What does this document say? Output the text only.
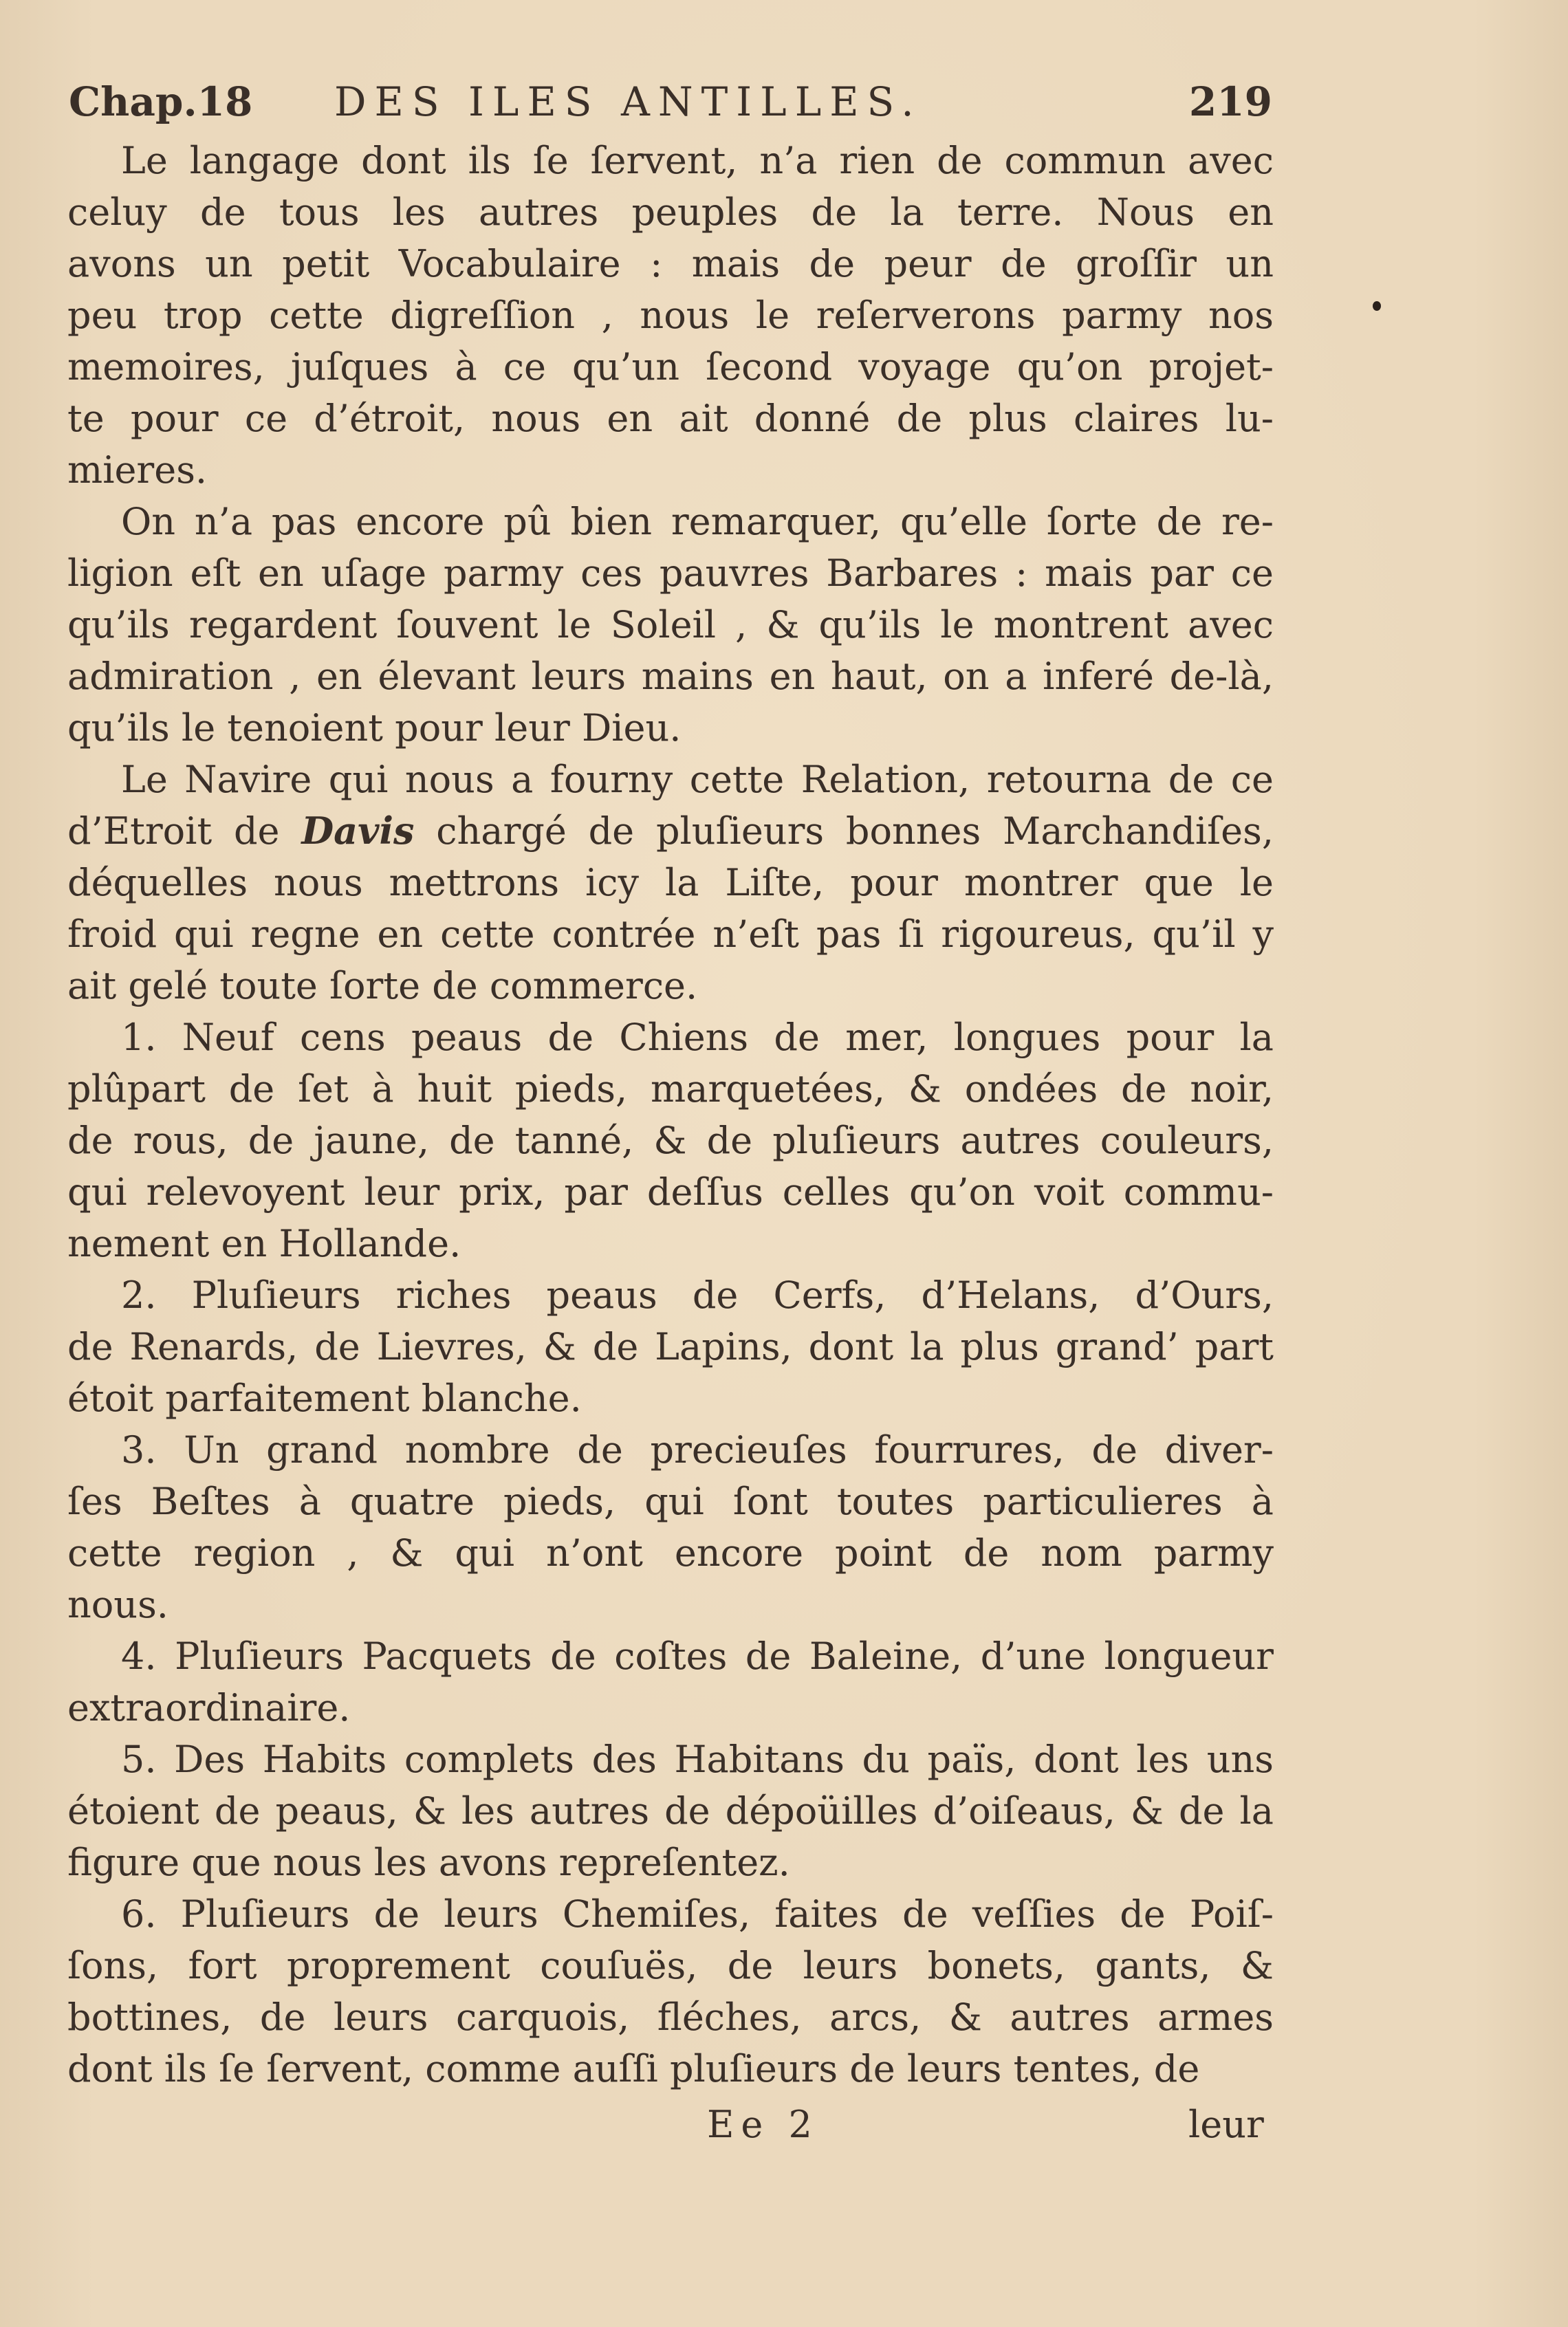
Chap.18 DES ILES ANTILLES.	219
Le langage dont ils ſe ſervent, n’a rien de commun avec
celuy de tous les autres peuples de la terre. Nous en
avons un petit Vocabulaire : mais de peur de groſſir un
peu trop cette digreſſion , nous le reſerverons parmy nos
memoires, juſques à ce qu’un ſecond voyage qu’on projet-
te pour ce d’étroit, nous en ait donné de plus claires lu-
mieres.
On n’a pas encore pû bien remarquer, qu’elle ſorte de re-
ligion eſt en uſage parmy ces pauvres Barbares : mais par ce
qu’ils regardent ſouvent le Soleil , & qu’ils le montrent avec
admiration , en élevant leurs mains en haut, on a inferé de-là,
qu’ils le tenoient pour leur Dieu.
Le Navire qui nous a fourny cette Relation, retourna de ce
d’Etroit de Davis chargé de pluſieurs bonnes Marchandiſes,
déquelles nous mettrons icy la Liſte, pour montrer que le
froid qui regne en cette contrée n’eſt pas ſi rigoureus, qu’il y
ait gelé toute ſorte de commerce.
1. Neuf cens peaus de Chiens de mer, longues pour la
plûpart de ſet à huit pieds, marquetées, & ondées de noir,
de rous, de jaune, de tanné, & de pluſieurs autres couleurs,
qui relevoyent leur prix, par deſſus celles qu’on voit commu-
nement en Hollande.
2. Pluſieurs riches peaus de Cerfs, d’Helans, d’Ours,
de Renards, de Lievres, & de Lapins, dont la plus grand’ part
étoit parfaitement blanche.
3. Un grand nombre de precieuſes fourrures, de diver-
ſes Beſtes à quatre pieds, qui ſont toutes particulieres à
cette region , & qui n’ont encore point de nom parmy
nous.
4. Pluſieurs Pacquets de coſtes de Baleine, d’une longueur
extraordinaire.
5. Des Habits complets des Habitans du païs, dont les uns
étoient de peaus, & les autres de dépoüilles d’oiſeaus, & de la
figure que nous les avons repreſentez.
6. Pluſieurs de leurs Chemiſes, faites de veſſies de Poiſ-
ſons, fort proprement couſuës, de leurs bonets, gants, &
bottines, de leurs carquois, fléches, arcs, & autres armes
dont ils ſe ſervent, comme auſſi pluſieurs de leurs tentes, de
Ee 2	leur
